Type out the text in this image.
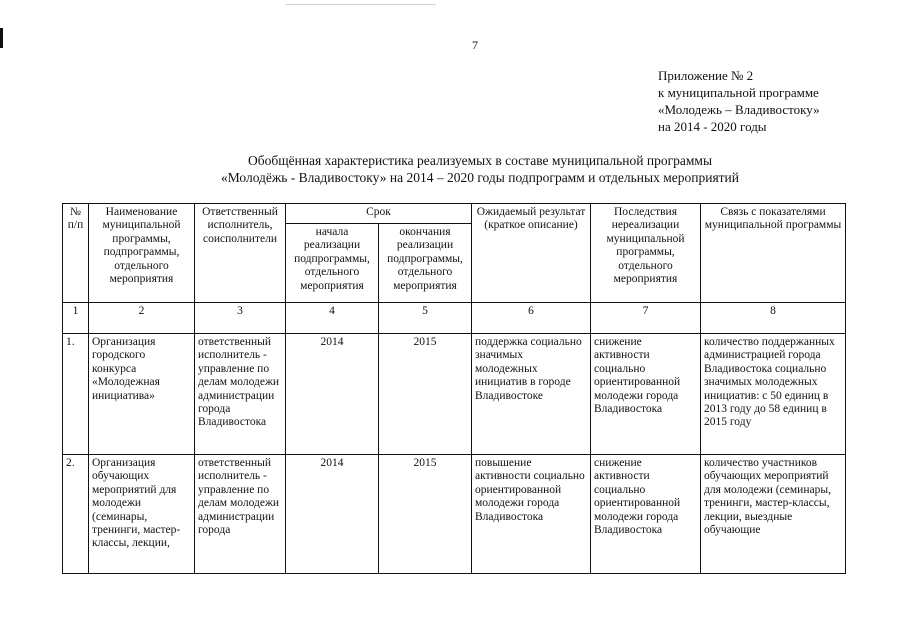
7
Приложение № 2
к муниципальной программе
«Молодежь – Владивостоку»
на 2014 - 2020 годы
Обобщённая характеристика реализуемых в составе муниципальной программы
«Молодёжь - Владивостоку» на 2014 – 2020 годы подпрограмм и отдельных мероприятий
№ п/п	Наименование муниципальной программы, подпрограммы, отдельного мероприятия	Ответственный исполнитель, соисполнители	Срок		Ожидаемый результат (краткое описание)	Последствия нереализации муниципальной программы, отдельного мероприятия	Связь с показателями муниципальной программы
			начала реализации подпрограммы, отдельного мероприятия	окончания реализации подпрограммы, отдельного мероприятия			
1	2	3	4	5	6	7	8
1.	Организация городского конкурса «Молодежная инициатива»	ответственный исполнитель - управление по делам молодежи администрации города Владивостока	2014	2015	поддержка социально значимых молодежных инициатив в городе Владивостоке	снижение активности социально ориентированной молодежи города Владивостока	количество поддержанных администрацией города Владивостока социально значимых молодежных инициатив: с 50 единиц в 2013 году до 58 единиц в 2015 году
2.	Организация обучающих мероприятий для молодежи (семинары, тренинги, мастер-классы, лекции,	ответственный исполнитель - управление по делам молодежи администрации города	2014	2015	повышение активности социально ориентированной молодежи города Владивостока	снижение активности социально ориентированной молодежи города Владивостока	количество участников обучающих мероприятий для молодежи (семинары, тренинги, мастер-классы, лекции, выездные обучающие
